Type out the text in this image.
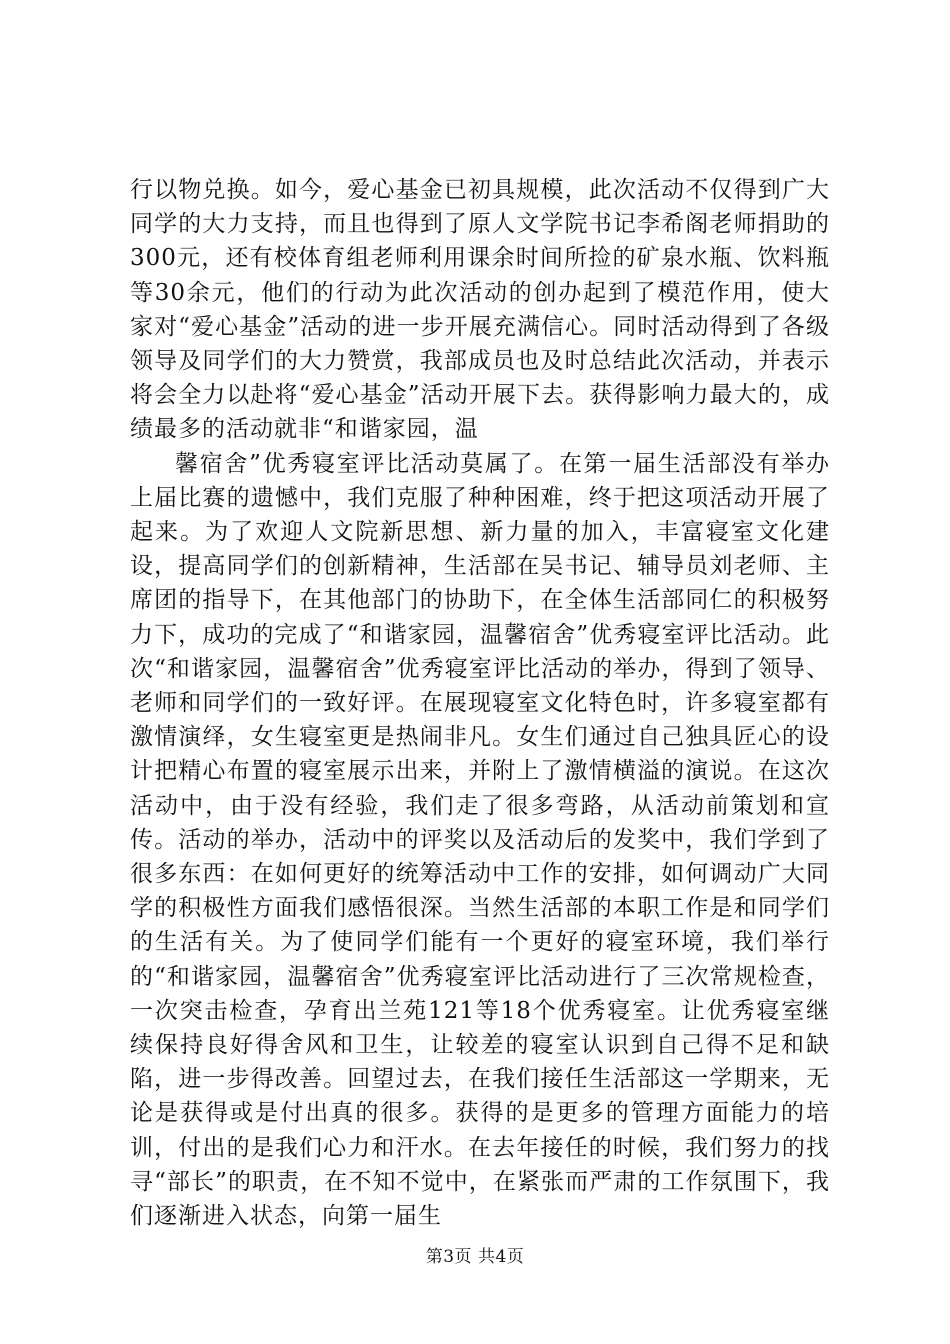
行以物兑换。如今，爱心基金已初具规模，此次活动不仅得到广大同学的大力支持，而且也得到了原人文学院书记李希阁老师捐助的300元，还有校体育组老师利用课余时间所捡的矿泉水瓶、饮料瓶等30余元，他们的行动为此次活动的创办起到了模范作用，使大家对“爱心基金”活动的进一步开展充满信心。同时活动得到了各级领导及同学们的大力赞赏，我部成员也及时总结此次活动，并表示将会全力以赴将“爱心基金”活动开展下去。获得影响力最大的，成绩最多的活动就非“和谐家园，温

馨宿舍”优秀寝室评比活动莫属了。在第一届生活部没有举办上届比赛的遗憾中，我们克服了种种困难，终于把这项活动开展了起来。为了欢迎人文院新思想、新力量的加入，丰富寝室文化建设，提高同学们的创新精神，生活部在吴书记、辅导员刘老师、主席团的指导下，在其他部门的协助下，在全体生活部同仁的积极努力下，成功的完成了“和谐家园，温馨宿舍”优秀寝室评比活动。此次“和谐家园，温馨宿舍”优秀寝室评比活动的举办，得到了领导、老师和同学们的一致好评。在展现寝室文化特色时，许多寝室都有激情演绎，女生寝室更是热闹非凡。女生们通过自己独具匠心的设计把精心布置的寝室展示出来，并附上了激情横溢的演说。在这次活动中，由于没有经验，我们走了很多弯路，从活动前策划和宣传。活动的举办，活动中的评奖以及活动后的发奖中，我们学到了很多东西：在如何更好的统筹活动中工作的安排，如何调动广大同学的积极性方面我们感悟很深。当然生活部的本职工作是和同学们的生活有关。为了使同学们能有一个更好的寝室环境，我们举行的“和谐家园，温馨宿舍”优秀寝室评比活动进行了三次常规检查，一次突击检查，孕育出兰苑121等18个优秀寝室。让优秀寝室继续保持良好得舍风和卫生，让较差的寝室认识到自己得不足和缺陷，进一步得改善。回望过去，在我们接任生活部这一学期来，无论是获得或是付出真的很多。获得的是更多的管理方面能力的培训，付出的是我们心力和汗水。在去年接任的时候，我们努力的找寻“部长”的职责，在不知不觉中，在紧张而严肃的工作氛围下，我们逐渐进入状态，向第一届生

第3页 共4页
